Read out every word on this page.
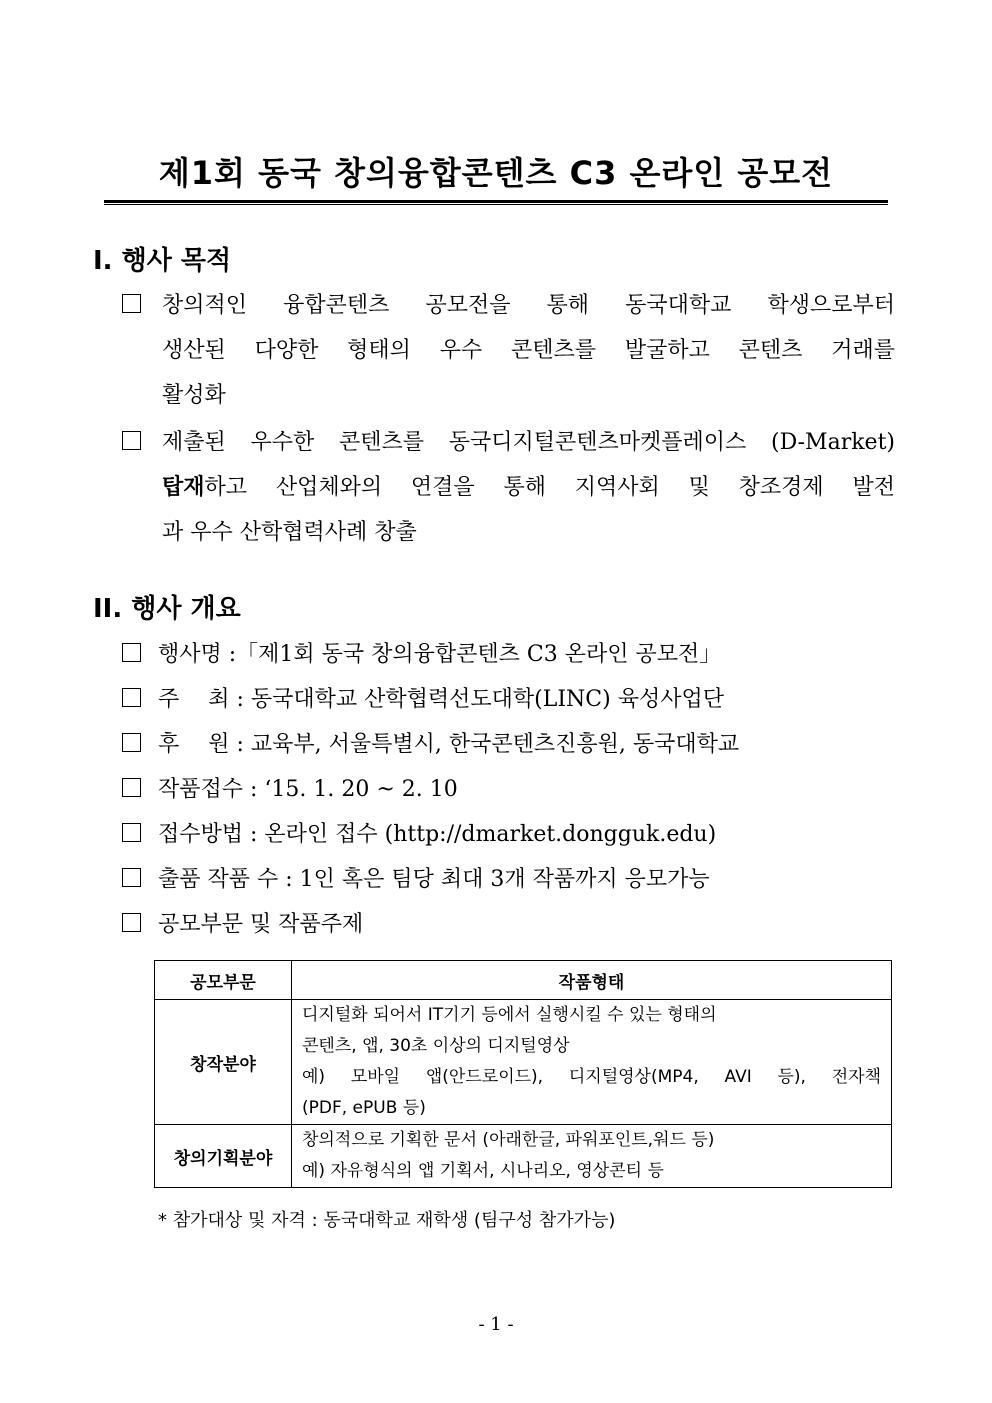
제1회 동국 창의융합콘텐츠 C3 온라인 공모전
I. 행사 목적
창의적인 융합콘텐츠 공모전을 통해 동국대학교 학생으로부터
생산된 다양한 형태의 우수 콘텐츠를 발굴하고 콘텐츠 거래를
활성화
제출된 우수한 콘텐츠를 동국디지털콘텐츠마켓플레이스 (D-Market)
탑재하고 산업체와의 연결을 통해 지역사회 및 창조경제 발전
과 우수 산학협력사례 창출
II. 행사 개요
행사명 :「제1회 동국 창의융합콘텐츠 C3 온라인 공모전」
주　 최 : 동국대학교 산학협력선도대학(LINC) 육성사업단
후　 원 : 교육부, 서울특별시, 한국콘텐츠진흥원, 동국대학교
작품접수 : ‘15. 1. 20 ~ 2. 10
접수방법 : 온라인 접수 (http://dmarket.dongguk.edu)
출품 작품 수 : 1인 혹은 팀당 최대 3개 작품까지 응모가능
공모부문 및 작품주제
공모부문	작품형태
창작분야	디지털화 되어서 IT기기 등에서 실행시킬 수 있는 형태의
콘텐츠, 앱, 30초 이상의 디지털영상
예) 모바일 앱(안드로이드), 디지털영상(MP4, AVI 등), 전자책
(PDF, ePUB 등)

창의기획분야	창의적으로 기획한 문서 (아래한글, 파워포인트,워드 등)
예) 자유형식의 앱 기획서, 시나리오, 영상콘티 등
* 참가대상 및 자격 : 동국대학교 재학생 (팀구성 참가가능)
- 1 -
